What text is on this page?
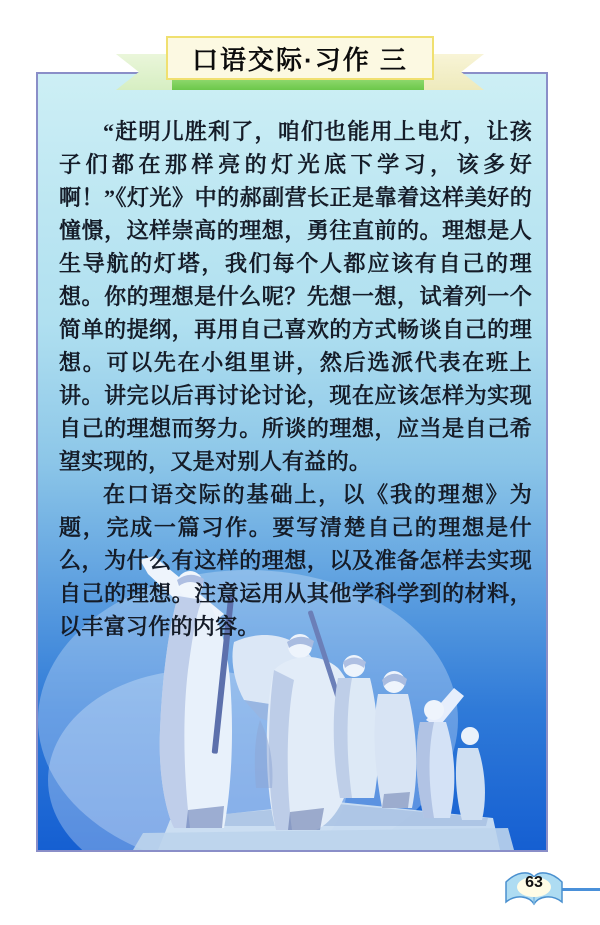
“赶明儿胜利了，咱们也能用上电灯，让孩子们都在那样亮的灯光底下学习，该多好啊！”《灯光》中的郝副营长正是靠着这样美好的憧憬，这样崇高的理想，勇往直前的。理想是人生导航的灯塔，我们每个人都应该有自己的理想。你的理想是什么呢？先想一想，试着列一个简单的提纲，再用自己喜欢的方式畅谈自己的理想。可以先在小组里讲，然后选派代表在班上讲。讲完以后再讨论讨论，现在应该怎样为实现自己的理想而努力。所谈的理想，应当是自己希望实现的，又是对别人有益的。

在口语交际的基础上，以《我的理想》为题，完成一篇习作。要写清楚自己的理想是什么，为什么有这样的理想，以及准备怎样去实现自己的理想。注意运用从其他学科学到的材料，以丰富习作的内容。

口语交际·习作 三
63
